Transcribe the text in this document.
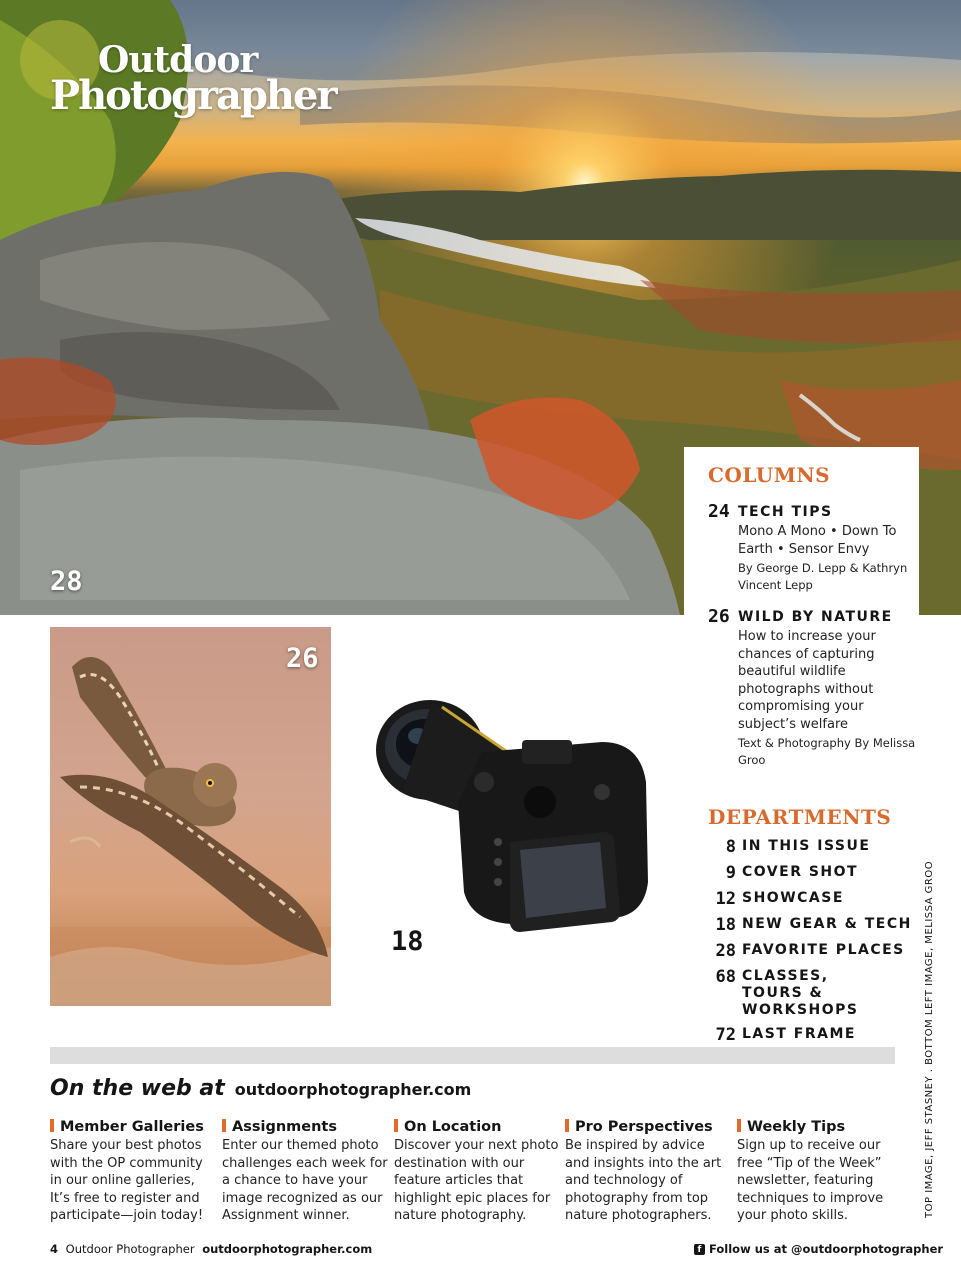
Outdoor
Photographer
28
COLUMNS
24 TECH TIPS
Mono A Mono • Down To Earth • Sensor Envy
By George D. Lepp & Kathryn Vincent Lepp
26 WILD BY NATURE
How to increase your chances of capturing beautiful wildlife photographs without compromising your subject’s welfare
Text & Photography By Melissa Groo
DEPARTMENTS
8 IN THIS ISSUE
9 COVER SHOT
12 SHOWCASE
18 NEW GEAR & TECH
28 FAVORITE PLACES
68 CLASSES, TOURS & WORKSHOPS
72 LAST FRAME
26
18
On the web at outdoorphotographer.com
Member Galleries
Share your best photos with the OP community in our online galleries, It’s free to register and participate—join today!
Assignments
Enter our themed photo challenges each week for a chance to have your image recognized as our Assignment winner.
On Location
Discover your next photo destination with our feature articles that highlight epic places for nature photography.
Pro Perspectives
Be inspired by advice and insights into the art and technology of photography from top nature photographers.
Weekly Tips
Sign up to receive our free “Tip of the Week” newsletter, featuring techniques to improve your photo skills.
4 Outdoor Photographer outdoorphotographer.com	f Follow us at @outdoorphotographer
TOP IMAGE, JEFF STASNEY . BOTTOM LEFT IMAGE, MELISSA GROO
